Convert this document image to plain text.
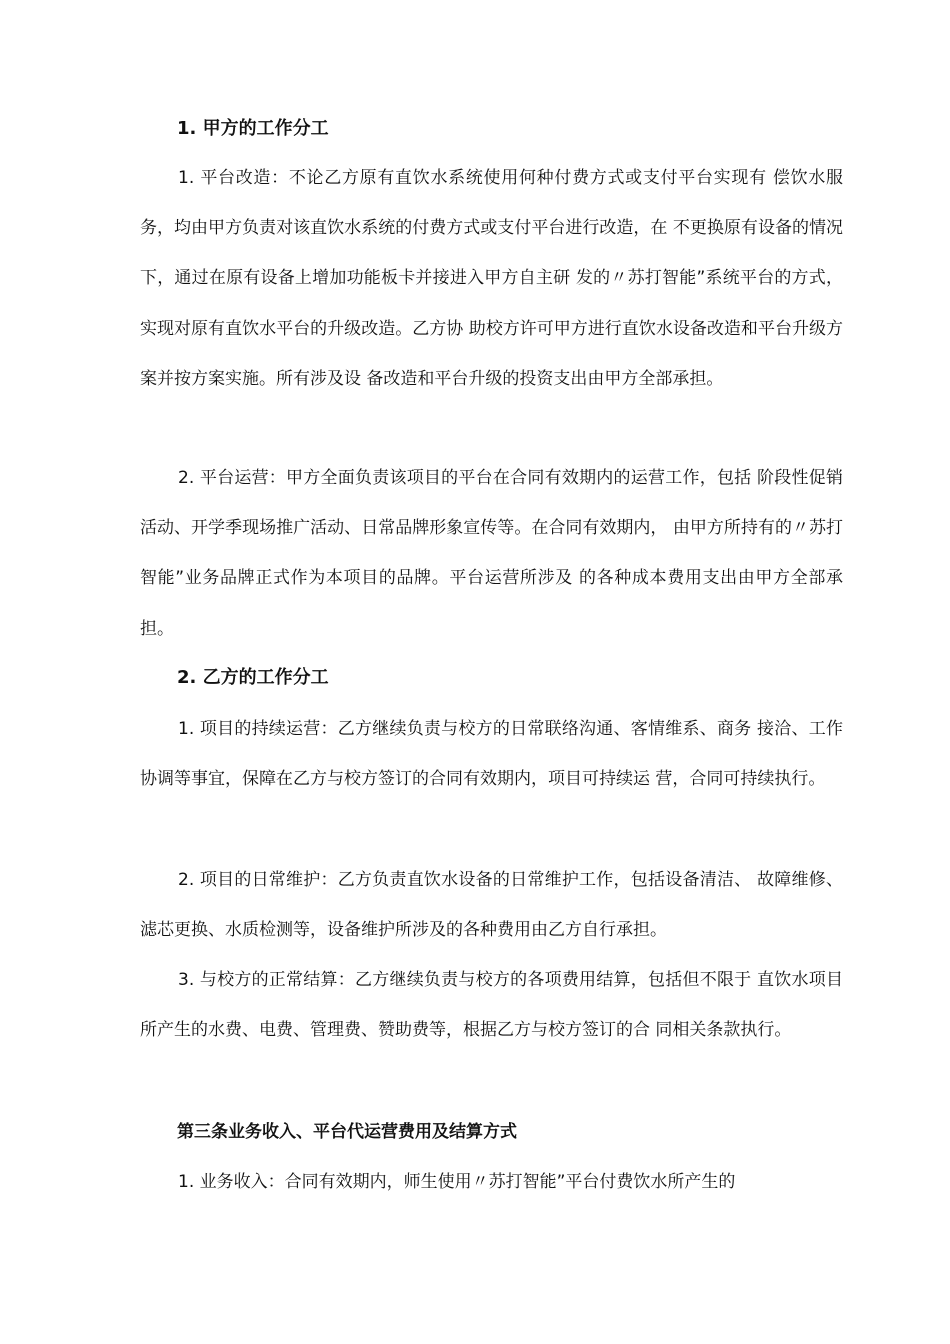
1. 甲方的工作分工
1. 平台改造：不论乙方原有直饮水系统使用何种付费方式或支付平台实现有 偿饮水服务，均由甲方负责对该直饮水系统的付费方式或支付平台进行改造，在 不更换原有设备的情况下，通过在原有设备上增加功能板卡并接进入甲方自主研 发的〃苏打智能”系统平台的方式，实现对原有直饮水平台的升级改造。乙方协 助校方许可甲方进行直饮水设备改造和平台升级方案并按方案实施。所有涉及设 备改造和平台升级的投资支出由甲方全部承担。
2. 平台运营：甲方全面负责该项目的平台在合同有效期内的运营工作，包括 阶段性促销活动、开学季现场推广活动、日常品牌形象宣传等。在合同有效期内， 由甲方所持有的〃苏打智能”业务品牌正式作为本项目的品牌。平台运营所涉及 的各种成本费用支出由甲方全部承担。
2. 乙方的工作分工
1. 项目的持续运营：乙方继续负责与校方的日常联络沟通、客情维系、商务 接洽、工作协调等事宜，保障在乙方与校方签订的合同有效期内，项目可持续运 营，合同可持续执行。
2. 项目的日常维护：乙方负责直饮水设备的日常维护工作，包括设备清洁、 故障维修、滤芯更换、水质检测等，设备维护所涉及的各种费用由乙方自行承担。
3. 与校方的正常结算：乙方继续负责与校方的各项费用结算，包括但不限于 直饮水项目所产生的水费、电费、管理费、赞助费等，根据乙方与校方签订的合 同相关条款执行。
第三条业务收入、平台代运营费用及结算方式
1. 业务收入：合同有效期内，师生使用〃苏打智能”平台付费饮水所产生的
